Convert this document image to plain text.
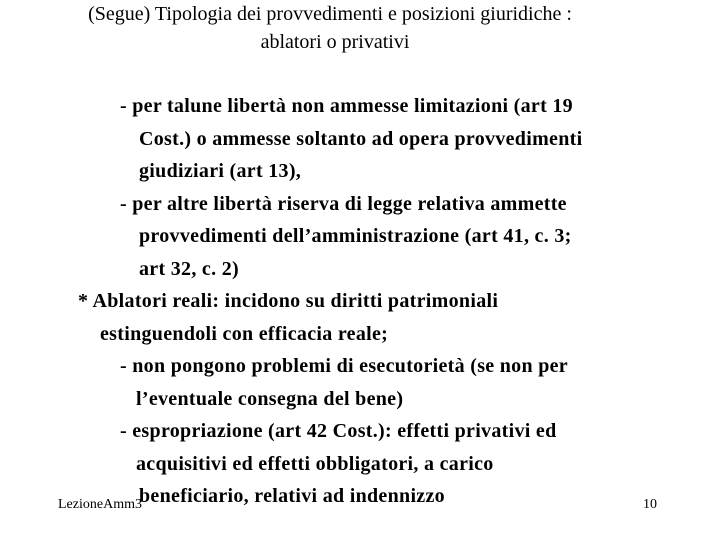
(Segue) Tipologia dei provvedimenti e posizioni giuridiche :
ablatori o privativi
- per talune libertà non ammesse limitazioni (art 19
Cost.) o ammesse soltanto ad opera provvedimenti
giudiziari (art 13),
- per altre libertà riserva di legge relativa ammette
provvedimenti dell’amministrazione (art 41, c. 3;
art 32, c. 2)
* Ablatori reali: incidono su diritti patrimoniali
estinguendoli con efficacia reale;
- non pongono problemi di esecutorietà (se non per
l’eventuale consegna del bene)
- espropriazione (art 42 Cost.): effetti privativi ed
acquisitivi ed effetti obbligatori, a carico
beneficiario, relativi ad indennizzo
LezioneAmm3	10
